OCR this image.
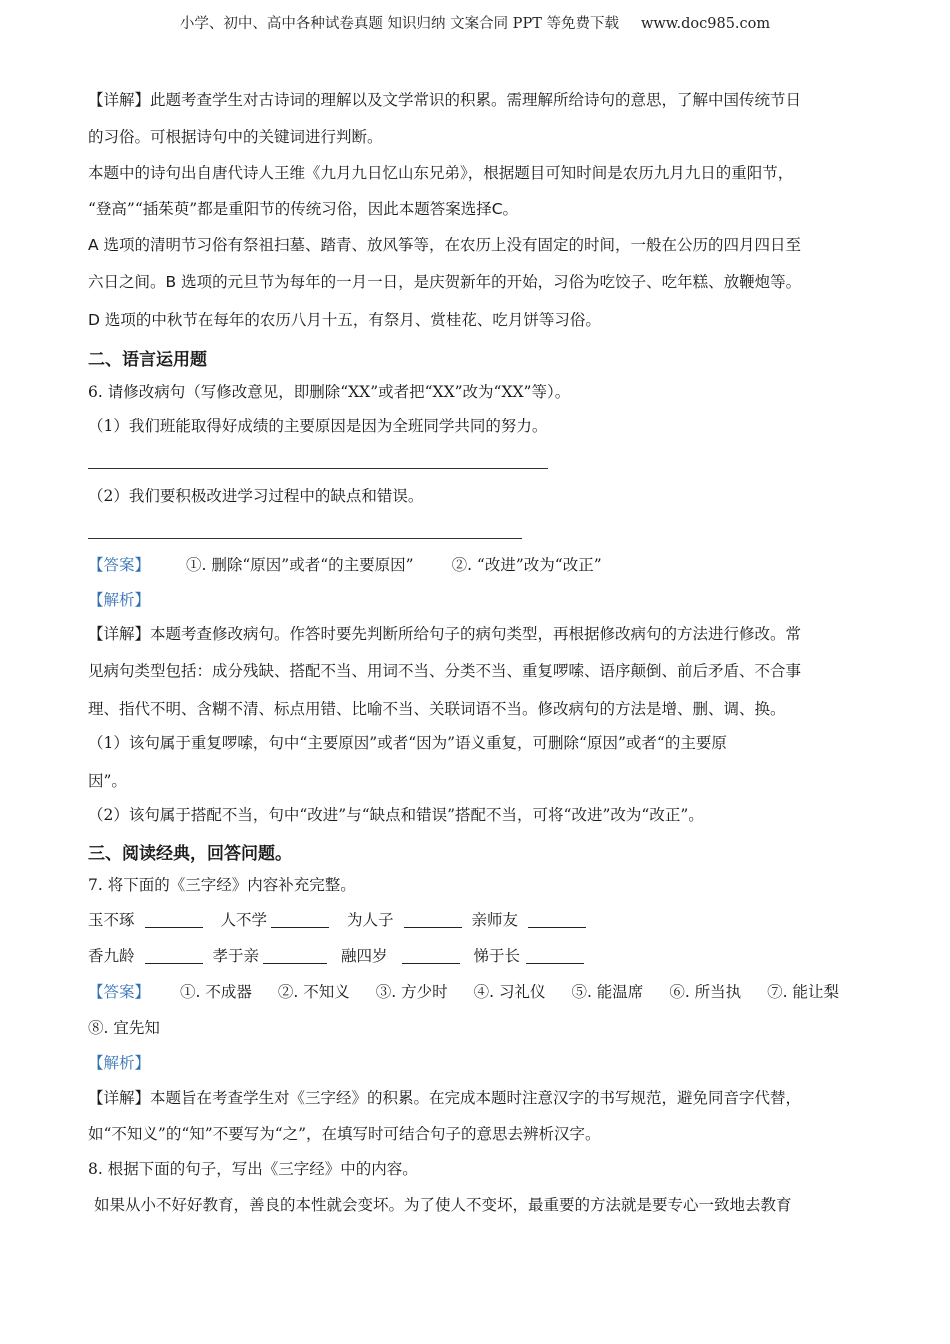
小学、初中、高中各种试卷真题 知识归纳 文案合同 PPT 等免费下载 www.doc985.com
【详解】此题考查学生对古诗词的理解以及文学常识的积累。需理解所给诗句的意思，了解中国传统节日
的习俗。可根据诗句中的关键词进行判断。
本题中的诗句出自唐代诗人王维《九月九日忆山东兄弟》，根据题目可知时间是农历九月九日的重阳节，
“登高”“插茱萸”都是重阳节的传统习俗，因此本题答案选择C。
A 选项的清明节习俗有祭祖扫墓、踏青、放风筝等，在农历上没有固定的时间，一般在公历的四月四日至
六日之间。B 选项的元旦节为每年的一月一日，是庆贺新年的开始，习俗为吃饺子、吃年糕、放鞭炮等。
D 选项的中秋节在每年的农历八月十五，有祭月、赏桂花、吃月饼等习俗。
二、语言运用题
6. 请修改病句（写修改意见，即删除“XX”或者把“XX”改为“XX”等）。
（1）我们班能取得好成绩的主要原因是因为全班同学共同的努力。
（2）我们要积极改进学习过程中的缺点和错误。
【答案】 ①. 删除“原因”或者“的主要原因” ②. “改进”改为“改正”
【解析】
【详解】本题考查修改病句。作答时要先判断所给句子的病句类型，再根据修改病句的方法进行修改。常
见病句类型包括：成分残缺、搭配不当、用词不当、分类不当、重复啰嗦、语序颠倒、前后矛盾、不合事
理、指代不明、含糊不清、标点用错、比喻不当、关联词语不当。修改病句的方法是增、删、调、换。
（1）该句属于重复啰嗦，句中“主要原因”或者“因为”语义重复，可删除“原因”或者“的主要原
因”。
（2）该句属于搭配不当，句中“改进”与“缺点和错误”搭配不当，可将“改进”改为“改正”。
三、阅读经典，回答问题。
7. 将下面的《三字经》内容补充完整。
玉不琢	人不学	为人子	亲师友
香九龄	孝于亲	融四岁	悌于长
【答案】 ①. 不成器 ②. 不知义 ③. 方少时 ④. 习礼仪 ⑤. 能温席 ⑥. 所当执 ⑦. 能让梨
⑧. 宜先知
【解析】
【详解】本题旨在考查学生对《三字经》的积累。在完成本题时注意汉字的书写规范，避免同音字代替，
如“不知义”的“知”不要写为“之”，在填写时可结合句子的意思去辨析汉字。
8. 根据下面的句子，写出《三字经》中的内容。
如果从小不好好教育，善良的本性就会变坏。为了使人不变坏，最重要的方法就是要专心一致地去教育
